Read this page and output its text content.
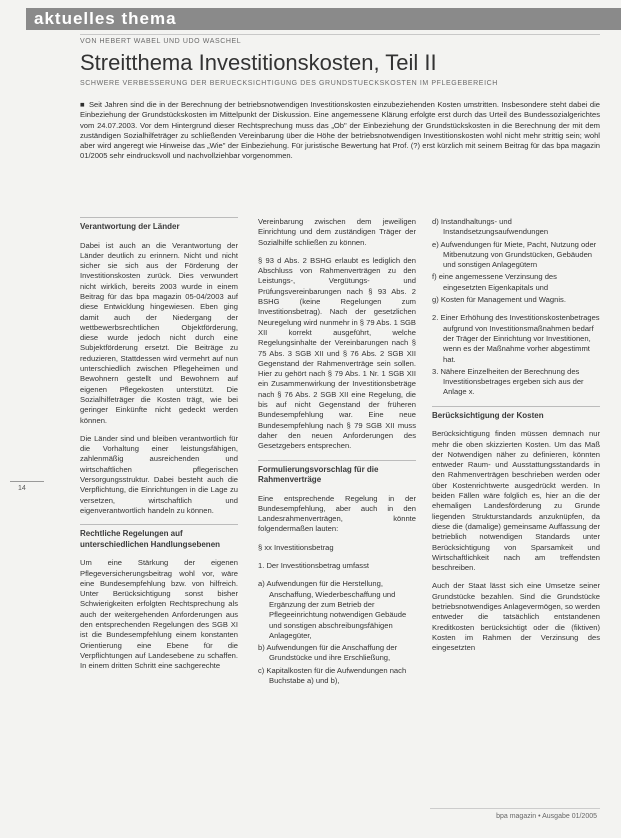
aktuelles thema
VON HEBERT WABEL UND UDO WASCHEL
Streitthema Investitionskosten, Teil II
SCHWERE VERBESSERUNG DER BERUECKSICHTIGUNG DES GRUNDSTUECKSKOSTEN IM PFLEGEBEREICH
■ Seit Jahren sind die in der Berechnung der betriebsnotwendigen Investitionskosten einzubeziehenden Kosten umstritten. Insbesondere steht dabei die Einbeziehung der Grundstückskosten im Mittelpunkt der Diskussion. Eine angemessene Klärung erfolgte erst durch das Urteil des Bundessozialgerichtes vom 24.07.2003. Vor dem Hintergrund dieser Rechtsprechung muss das „Ob" der Einbeziehung der Grundstückskosten in die Berechnung der mit dem zuständigen Sozialhilfeträger zu schließenden Vereinbarung über die Höhe der betriebsnotwendigen Investitionskosten wohl nicht mehr strittig sein; wohl aber wird angeregt wie Hinweise das „Wie" der Einbeziehung. Für juristische Bewertung hat Prof. (?) erst kürzlich mit seinem Beitrag für das bpa magazin 01/2005 sehr eindrucksvoll und nachvollziehbar vorgenommen.
14
Verantwortung der Länder

Dabei ist auch an die Verantwortung der Länder deutlich zu erinnern. Nicht und nicht sicher sie sich aus der Förderung der Investitionskosten zurück. Dies verwundert nicht wirklich, bereits 2003 wurde in einem Beitrag für das bpa magazin 05-04/2003 auf diese Entwicklung hingewiesen. Eben ging damit auch der Niedergang der wettbewerbsrechtlichen Objektförderung, diese wurde jedoch nicht durch eine Subjektförderung ersetzt. Die Beiträge zu reduzieren, Stattdessen wird vermehrt auf nun unterschiedlich zwischen Pflegeheimen und Bewohnern gestellt und Bewohnern auf eigenen Pflegekosten unterstützt. Die Sozialhilfeträger die Kosten trägt, wie bei geringer Einkünfte nicht gedeckt werden können.

Die Länder sind und bleiben verantwortlich für die Vorhaltung einer leistungsfähigen, zahlenmäßig ausreichenden und wirtschaftlichen pflegerischen Versorgungsstruktur. Dabei besteht auch die Verpflichtung, die Einrichtungen in die Lage zu versetzen, wirtschaftlich und eigenverantwortlich handeln zu können.

Rechtliche Regelungen auf unterschiedlichen Handlungsebenen

Um eine Stärkung der eigenen Pflegeversicherungsbeitrag wohl vor, wäre eine Bundesempfehlung bzw. von hilfreich. Unter Berücksichtigung sonst bisher Schwierigkeiten erfolgten Rechtsprechung als auch der weitergehenden Anforderungen aus den entsprechenden Regelungen des SGB XI ist die Bundesempfehlung einem konstanten Orientierung eine Ebene für die Verpflichtungen auf Landesebene zu schaffen. In einem dritten Schritt eine sachgerechte

Vereinbarung zwischen dem jeweiligen Einrichtung und dem zuständigen Träger der Sozialhilfe schließen zu können.

§ 93 d Abs. 2 BSHG erlaubt es lediglich den Abschluss von Rahmenverträgen zu den Leistungs-, Vergütungs- und Prüfungsvereinbarungen nach § 93 Abs. 2 BSHG (keine Regelungen zum Investitionsbetrag). Nach der gesetzlichen Neuregelung wird nunmehr in § 79 Abs. 1 SGB XII korrekt ausgeführt, welche Regelungsinhalte der Vereinbarungen nach § 75 Abs. 3 SGB XII und § 76 Abs. 2 SGB XII Gegenstand der Rahmenverträge sein sollen. Hier zu gehört nach § 79 Abs. 1 Nr. 1 SGB XII ein Zusammenwirkung der Investitionsbeträge nach § 76 Abs. 2 SGB XII eine Regelung, die bis auf nicht Gegenstand der früheren Bundesempfehlung war. Eine neue Bundesempfehlung nach § 79 SGB XII muss daher den neuen Anforderungen des Gesetzgebers entsprechen.

Formulierungsvorschlag für die Rahmenverträge

Eine entsprechende Regelung in der Bundesempfehlung, aber auch in den Landesrahmenverträgen, könnte folgendermaßen lauten:

§ xx Investitionsbetrag

1. Der Investitionsbetrag umfasst

a) Aufwendungen für die Herstellung, Anschaffung, Wiederbeschaffung und Ergänzung der zum Betrieb der Pflegeeinrichtung notwendigen Gebäude und sonstigen abschreibungsfähigen Anlagegüter,
b) Aufwendungen für die Anschaffung der Grundstücke und ihre Erschließung,
c) Kapitalkosten für die Aufwendungen nach Buchstabe a) und b),
d) Instandhaltungs- und Instandsetzungsaufwendungen
e) Aufwendungen für Miete, Pacht, Nutzung oder Mitbenutzung von Grundstücken, Gebäuden und sonstigen Anlagegütern
f) eine angemessene Verzinsung des eingesetzten Eigenkapitals und
g) Kosten für Management und Wagnis.
2. Einer Erhöhung des Investitionskostenbetrages aufgrund von Investitionsmaßnahmen bedarf der Träger der Einrichtung vor Investitionen, wenn es der Maßnahme vorher abgestimmt hat.
3. Nähere Einzelheiten der Berechnung des Investitionsbetrages ergeben sich aus der Anlage x.
Berücksichtigung der Kosten

Berücksichtigung finden müssen demnach nur mehr die oben skizzierten Kosten. Um das Maß der Notwendigen näher zu definieren, könnten entweder Raum- und Ausstattungsstandards in den Rahmenverträgen beschrieben werden oder über Kostenrichtwerte ausgedrückt werden. In beiden Fällen wäre folglich es, hier an die der ehemaligen Landesförderung zu Grunde liegenden Strukturstandards anzuknüpfen, da diese die (damalige) gemeinsame Auffassung der betrieblich notwendigen Standards unter Berücksichtigung von Sparsamkeit und Wirtschaftlichkeit nach am treffendsten beschreiben.

Auch der Staat lässt sich eine Umsetze seiner Grundstücke bezahlen. Sind die Grundstücke betriebsnotwendiges Anlagevermögen, so werden entweder die tatsächlich entstandenen Kreditkosten berücksichtigt oder die (fiktiven) Kosten im Rahmen der Verzinsung des eingesetzten

bpa magazin • Ausgabe 01/2005
